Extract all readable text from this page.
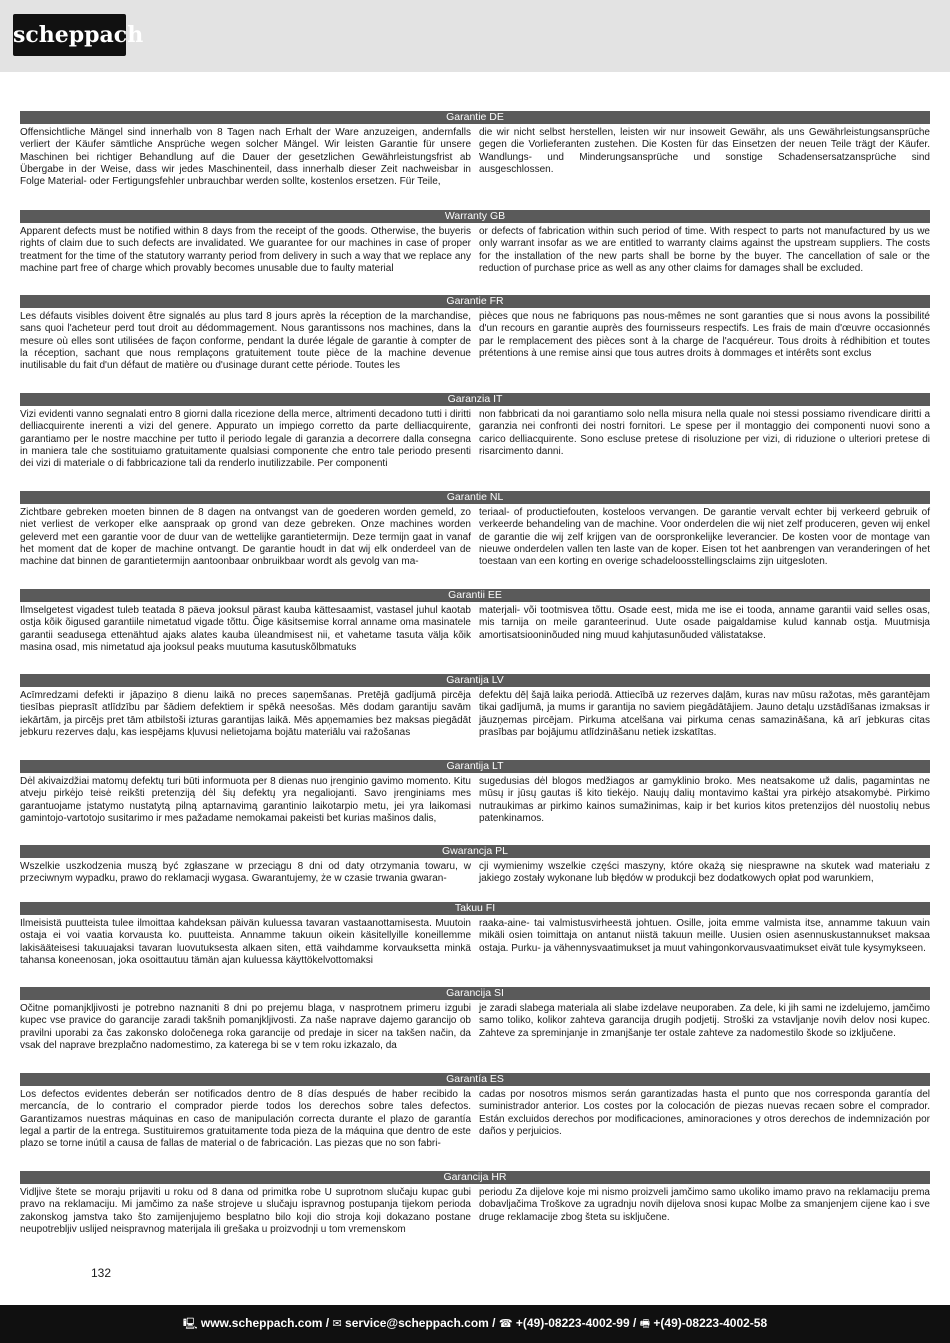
scheppach
Garantie DE
Offensichtliche Mängel sind innerhalb von 8 Tagen nach Erhalt der Ware anzuzeigen, andernfalls verliert der Käufer sämtliche Ansprüche wegen solcher Mängel. Wir leisten Garantie für unsere Maschinen bei richtiger Behandlung auf die Dauer der gesetzlichen Gewährleistungsfrist ab Übergabe in der Weise, dass wir jedes Maschinenteil, dass innerhalb dieser Zeit nachweisbar in Folge Material- oder Fertigungsfehler unbrauchbar werden sollte, kostenlos ersetzen. Für Teile,
die wir nicht selbst herstellen, leisten wir nur insoweit Gewähr, als uns Gewährleistungsansprüche gegen die Vorlieferanten zustehen. Die Kosten für das Einsetzen der neuen Teile trägt der Käufer. Wandlungs- und Minderungsansprüche und sonstige Schadensersatzansprüche sind ausgeschlossen.
Warranty GB
Apparent defects must be notified within 8 days from the receipt of the goods. Otherwise, the buyeris rights of claim due to such defects are invalidated. We guarantee for our machines in case of proper treatment for the time of the statutory warranty period from delivery in such a way that we replace any machine part free of charge which provably becomes unusable due to faulty material
or defects of fabrication within such period of time. With respect to parts not manufactured by us we only warrant insofar as we are entitled to warranty claims against the upstream suppliers. The costs for the installation of the new parts shall be borne by the buyer. The cancellation of sale or the reduction of purchase price as well as any other claims for damages shall be excluded.
Garantie FR
Les défauts visibles doivent être signalés au plus tard 8 jours après la réception de la marchandise, sans quoi l'acheteur perd tout droit au dédommagement. Nous garantissons nos machines, dans la mesure où elles sont utilisées de façon conforme, pendant la durée légale de garantie à compter de la réception, sachant que nous remplaçons gratuitement toute pièce de la machine devenue inutilisable du fait d'un défaut de matière ou d'usinage durant cette période. Toutes les
pièces que nous ne fabriquons pas nous-mêmes ne sont garanties que si nous avons la possibilité d'un recours en garantie auprès des fournisseurs respectifs. Les frais de main d'œuvre occasionnés par le remplacement des pièces sont à la charge de l'acquéreur. Tous droits à rédhibition et toutes prétentions à une remise ainsi que tous autres droits à dommages et intérêts sont exclus
Garanzia IT
Vizi evidenti vanno segnalati entro 8 giorni dalla ricezione della merce, altrimenti decadono tutti i diritti delliacquirente inerenti a vizi del genere. Appurato un impiego corretto da parte delliacquirente, garantiamo per le nostre macchine per tutto il periodo legale di garanzia a decorrere dalla consegna in maniera tale che sostituiamo gratuitamente qualsiasi componente che entro tale periodo presenti dei vizi di materiale o di fabbricazione tali da renderlo inutilizzabile. Per componenti
non fabbricati da noi garantiamo solo nella misura nella quale noi stessi possiamo rivendicare diritti a garanzia nei confronti dei nostri fornitori. Le spese per il montaggio dei componenti nuovi sono a carico delliacquirente. Sono escluse pretese di risoluzione per vizi, di riduzione o ulteriori pretese di risarcimento danni.
Garantie NL
Zichtbare gebreken moeten binnen de 8 dagen na ontvangst van de goederen worden gemeld, zo niet verliest de verkoper elke aanspraak op grond van deze gebreken. Onze machines worden geleverd met een garantie voor de duur van de wettelijke garantietermijn. Deze termijn gaat in vanaf het moment dat de koper de machine ontvangt. De garantie houdt in dat wij elk onderdeel van de machine dat binnen de garantietermijn aantoonbaar onbruikbaar wordt als gevolg van ma-
teriaal- of productiefouten, kosteloos vervangen. De garantie vervalt echter bij verkeerd gebruik of verkeerde behandeling van de machine. Voor onderdelen die wij niet zelf produceren, geven wij enkel de garantie die wij zelf krijgen van de oorspronkelijke leverancier. De kosten voor de montage van nieuwe onderdelen vallen ten laste van de koper. Eisen tot het aanbrengen van veranderingen of het toestaan van een korting en overige schadeloosstellingsclaims zijn uitgesloten.
Garantii EE
Ilmselgetest vigadest tuleb teatada 8 päeva jooksul pärast kauba kättesaamist, vastasel juhul kaotab ostja kõik õigused garantiile nimetatud vigade tõttu. Õige käsitsemise korral anname oma masinatele garantii seadusega ettenähtud ajaks alates kauba üleandmisest nii, et vahetame tasuta välja kõik masina osad, mis nimetatud aja jooksul peaks muutuma kasutuskõlbmatuks
materjali- või tootmisvea tõttu. Osade eest, mida me ise ei tooda, anname garantii vaid selles osas, mis tarnija on meile garanteerinud. Uute osade paigaldamise kulud kannab ostja. Muutmisja amortisatsiooninõuded ning muud kahjutasunõuded välistatakse.
Garantija LV
Acīmredzami defekti ir jāpaziņo 8 dienu laikā no preces saņemšanas. Pretējā gadījumā pircēja tiesības pieprasīt atlīdzību par šādiem defektiem ir spēkā neesošas. Mēs dodam garantiju savām iekārtām, ja pircējs pret tām atbilstoši izturas garantijas laikā. Mēs apņemamies bez maksas piegādāt jebkuru rezerves daļu, kas iespējams kļuvusi nelietojama bojātu materiālu vai ražošanas
defektu dēļ šajā laika periodā. Attiecībā uz rezerves daļām, kuras nav mūsu ražotas, mēs garantējam tikai gadījumā, ja mums ir garantija no saviem piegādātājiem. Jauno detaļu uzstādīšanas izmaksas ir jāuzņemas pircējam. Pirkuma atcelšana vai pirkuma cenas samazināšana, kā arī jebkuras citas prasības par bojājumu atlīdzināšanu netiek izskatītas.
Garantija LT
Dėl akivaizdžiai matomų defektų turi būti informuota per 8 dienas nuo įrenginio gavimo momento. Kitu atveju pirkėjo teisė reikšti pretenziją dėl šių defektų yra negaliojanti. Savo įrenginiams mes garantuojame įstatymo nustatytą pilną aptarnavimą garantinio laikotarpio metu, jei yra laikomasi gamintojo-vartotojo susitarimo ir mes pažadame nemokamai pakeisti bet kurias mašinos dalis,
sugedusias dėl blogos medžiagos ar gamyklinio broko. Mes neatsakome už dalis, pagamintas ne mūsų ir jūsų gautas iš kito tiekėjo. Naujų dalių montavimo kaštai yra pirkėjo atsakomybė. Pirkimo nutraukimas ar pirkimo kainos sumažinimas, kaip ir bet kurios kitos pretenzijos dėl nuostolių nebus patenkinamos.
Gwarancja PL
Wszelkie uszkodzenia muszą być zgłaszane w przeciągu 8 dni od daty otrzymania towaru, w przeciwnym wypadku, prawo do reklamacji wygasa. Gwarantujemy, że w czasie trwania gwaran-
cji wymienimy wszelkie części maszyny, które okażą się niesprawne na skutek wad materiału z jakiego zostały wykonane lub błędów w produkcji bez dodatkowych opłat pod warunkiem,
Takuu FI
Ilmeisistä puutteista tulee ilmoittaa kahdeksan päivän kuluessa tavaran vastaanottamisesta. Muutoin ostaja ei voi vaatia korvausta ko. puutteista. Annamme takuun oikein käsitellyille koneillemme lakisääteisesi takuuajaksi tavaran luovutuksesta alkaen siten, että vaihdamme korvauksetta minkä tahansa koneenosan, joka osoittautuu tämän ajan kuluessa käyttökelvottomaksi
raaka-aine- tai valmistusvirheestä johtuen. Osille, joita emme valmista itse, annamme takuun vain mikäli osien toimittaja on antanut niistä takuun meille. Uusien osien asennuskustannukset maksaa ostaja. Purku- ja vähennysvaatimukset ja muut vahingonkorvausvaatimukset eivät tule kysymykseen.
Garancija SI
Očitne pomanjkljivosti je potrebno naznaniti 8 dni po prejemu blaga, v nasprotnem primeru izgubi kupec vse pravice do garancije zaradi takšnih pomanjkljivosti. Za naše naprave dajemo garancijo ob pravilni uporabi za čas zakonsko določenega roka garancije od predaje in sicer na takšen način, da vsak del naprave brezplačno nadomestimo, za katerega bi se v tem roku izkazalo, da
je zaradi slabega materiala ali slabe izdelave neuporaben. Za dele, ki jih sami ne izdelujemo, jamčimo samo toliko, kolikor zahteva garancija drugih podjetij. Stroški za vstavljanje novih delov nosi kupec. Zahteve za spreminjanje in zmanjšanje ter ostale zahteve za nadomestilo škode so izključene.
Garantía ES
Los defectos evidentes deberán ser notificados dentro de 8 días después de haber recibido la mercancía, de lo contrario el comprador pierde todos los derechos sobre tales defectos. Garantizamos nuestras máquinas en caso de manipulación correcta durante el plazo de garantía legal a partir de la entrega. Sustituiremos gratuitamente toda pieza de la máquina que dentro de este plazo se torne inútil a causa de fallas de material o de fabricación. Las piezas que no son fabri-
cadas por nosotros mismos serán garantizadas hasta el punto que nos corresponda garantía del suministrador anterior. Los costes por la colocación de piezas nuevas recaen sobre el comprador. Están excluidos derechos por modificaciones, aminoraciones y otros derechos de indemnización por daños y perjuicios.
Garancija HR
Vidljive štete se moraju prijaviti u roku od 8 dana od primitka robe U suprotnom slučaju kupac gubi pravo na reklamaciju. Mi jamčimo za naše strojeve u slučaju ispravnog postupanja tijekom perioda zakonskog jamstva tako što zamijenjujemo besplatno bilo koji dio stroja koji dokazano postane neupotrebljiv uslijed neispravnog materijala ili grešaka u proizvodnji u tom vremenskom
periodu Za dijelove koje mi nismo proizveli jamčimo samo ukoliko imamo pravo na reklamaciju prema dobavljačima Troškove za ugradnju novih dijelova snosi kupac Molbe za smanjenjem cijene kao i sve druge reklamacije zbog šteta su isključene.
132
🖳 www.scheppach.com / ✉ service@scheppach.com / ☎ +(49)-08223-4002-99 / 🖷 +(49)-08223-4002-58
